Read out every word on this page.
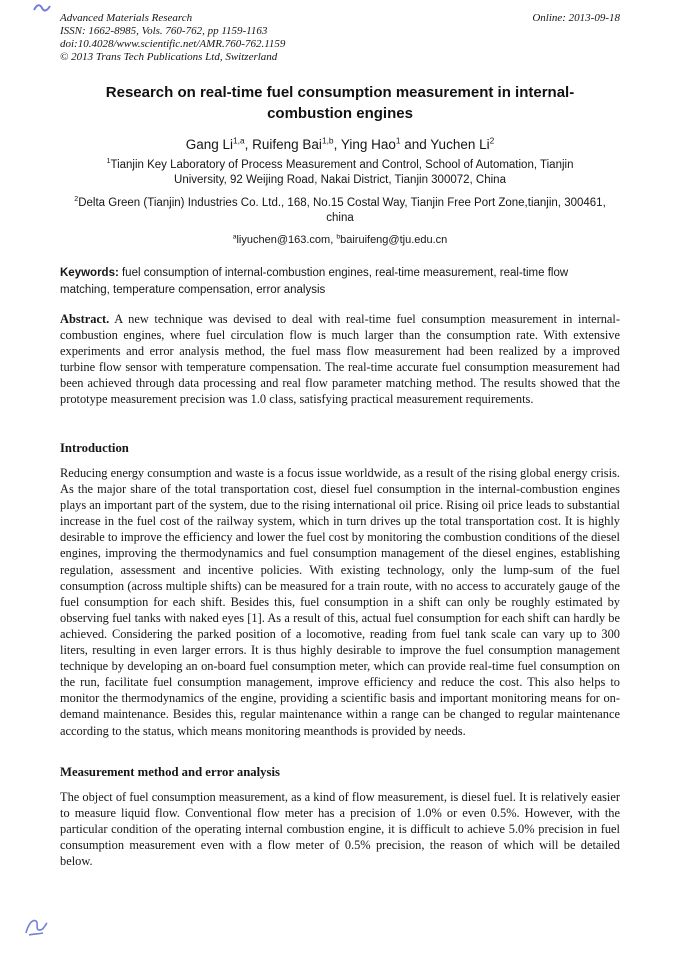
Advanced Materials Research
ISSN: 1662-8985, Vols. 760-762, pp 1159-1163
doi:10.4028/www.scientific.net/AMR.760-762.1159
© 2013 Trans Tech Publications Ltd, Switzerland
Online: 2013-09-18
Research on real-time fuel consumption measurement in internal-combustion engines

Gang Li$^{1,a}$, Ruifeng Bai$^{1,b}$, Ying Hao$^1$ and Yuchen Li$^2$

$^1$Tianjin Key Laboratory of Process Measurement and Control, School of Automation, Tianjin University, 92 Weijing Road, Nakai District, Tianjin 300072, China

$^2$Delta Green (Tianjin) Industries Co. Ltd., 168, No.15 Costal Way, Tianjin Free Port Zone,tianjin, 300461, china

$^a$liyuchen@163.com, $^b$bairuifeng@tju.edu.cn

Keywords: fuel consumption of internal-combustion engines, real-time measurement, real-time flow matching, temperature compensation, error analysis

Abstract. A new technique was devised to deal with real-time fuel consumption measurement in internal-combustion engines, where fuel circulation flow is much larger than the consumption rate. With extensive experiments and error analysis method, the fuel mass flow measurement had been realized by a improved turbine flow sensor with temperature compensation. The real-time accurate fuel consumption measurement had been achieved through data processing and real flow parameter matching method. The results showed that the prototype measurement precision was 1.0 class, satisfying practical measurement requirements.

Introduction

Reducing energy consumption and waste is a focus issue worldwide, as a result of the rising global energy crisis. As the major share of the total transportation cost, diesel fuel consumption in the internal-combustion engines plays an important part of the system, due to the rising international oil price. Rising oil price leads to substantial increase in the fuel cost of the railway system, which in turn drives up the total transportation cost. It is highly desirable to improve the efficiency and lower the fuel cost by monitoring the combustion conditions of the diesel engines, improving the thermodynamics and fuel consumption management of the diesel engines, establishing regulation, assessment and incentive policies. With existing technology, only the lump-sum of the fuel consumption (across multiple shifts) can be measured for a train route, with no access to accurately gauge of the fuel consumption for each shift. Besides this, fuel consumption in a shift can only be roughly estimated by observing fuel tanks with naked eyes [1]. As a result of this, actual fuel consumption for each shift can hardly be achieved. Considering the parked position of a locomotive, reading from fuel tank scale can vary up to 300 liters, resulting in even larger errors. It is thus highly desirable to improve the fuel consumption management technique by developing an on-board fuel consumption meter, which can provide real-time fuel consumption on the run, facilitate fuel consumption management, improve efficiency and reduce the cost. This also helps to monitor the thermodynamics of the engine, providing a scientific basis and important monitoring means for on-demand maintenance. Besides this, regular maintenance within a range can be changed to regular maintenance according to the status, which means monitoring meanthods is provided by needs.

Measurement method and error analysis

The object of fuel consumption measurement, as a kind of flow measurement, is diesel fuel. It is relatively easier to measure liquid flow. Conventional flow meter has a precision of 1.0% or even 0.5%. However, with the particular condition of the operating internal combustion engine, it is difficult to achieve 5.0% precision in fuel consumption measurement even with a flow meter of 0.5% precision, the reason of which will be detailed below.
